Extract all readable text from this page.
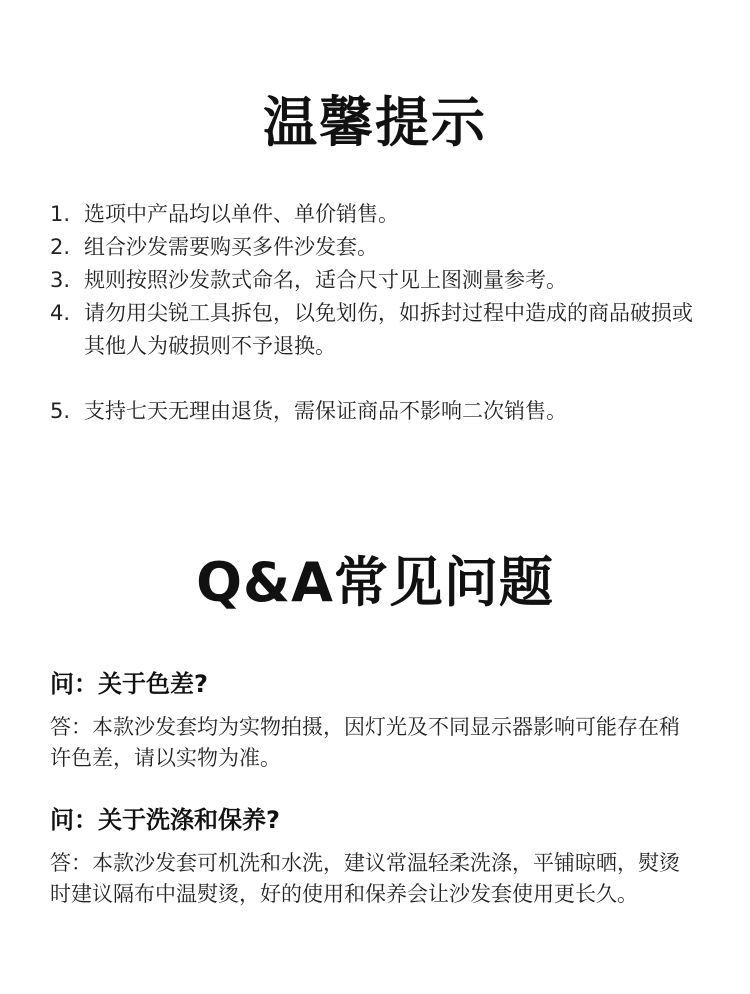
温馨提示
1. 选项中产品均以单件、单价销售。
2. 组合沙发需要购买多件沙发套。
3. 规则按照沙发款式命名，适合尺寸见上图测量参考。
4. 请勿用尖锐工具拆包，以免划伤，如拆封过程中造成的商品破损或其他人为破损则不予退换。
5. 支持七天无理由退货，需保证商品不影响二次销售。
Q&A常见问题

问：关于色差?

答：本款沙发套均为实物拍摄，因灯光及不同显示器影响可能存在稍许色差，请以实物为准。

问：关于洗涤和保养?

答：本款沙发套可机洗和水洗，建议常温轻柔洗涤，平铺晾晒，熨烫时建议隔布中温熨烫，好的使用和保养会让沙发套使用更长久。
